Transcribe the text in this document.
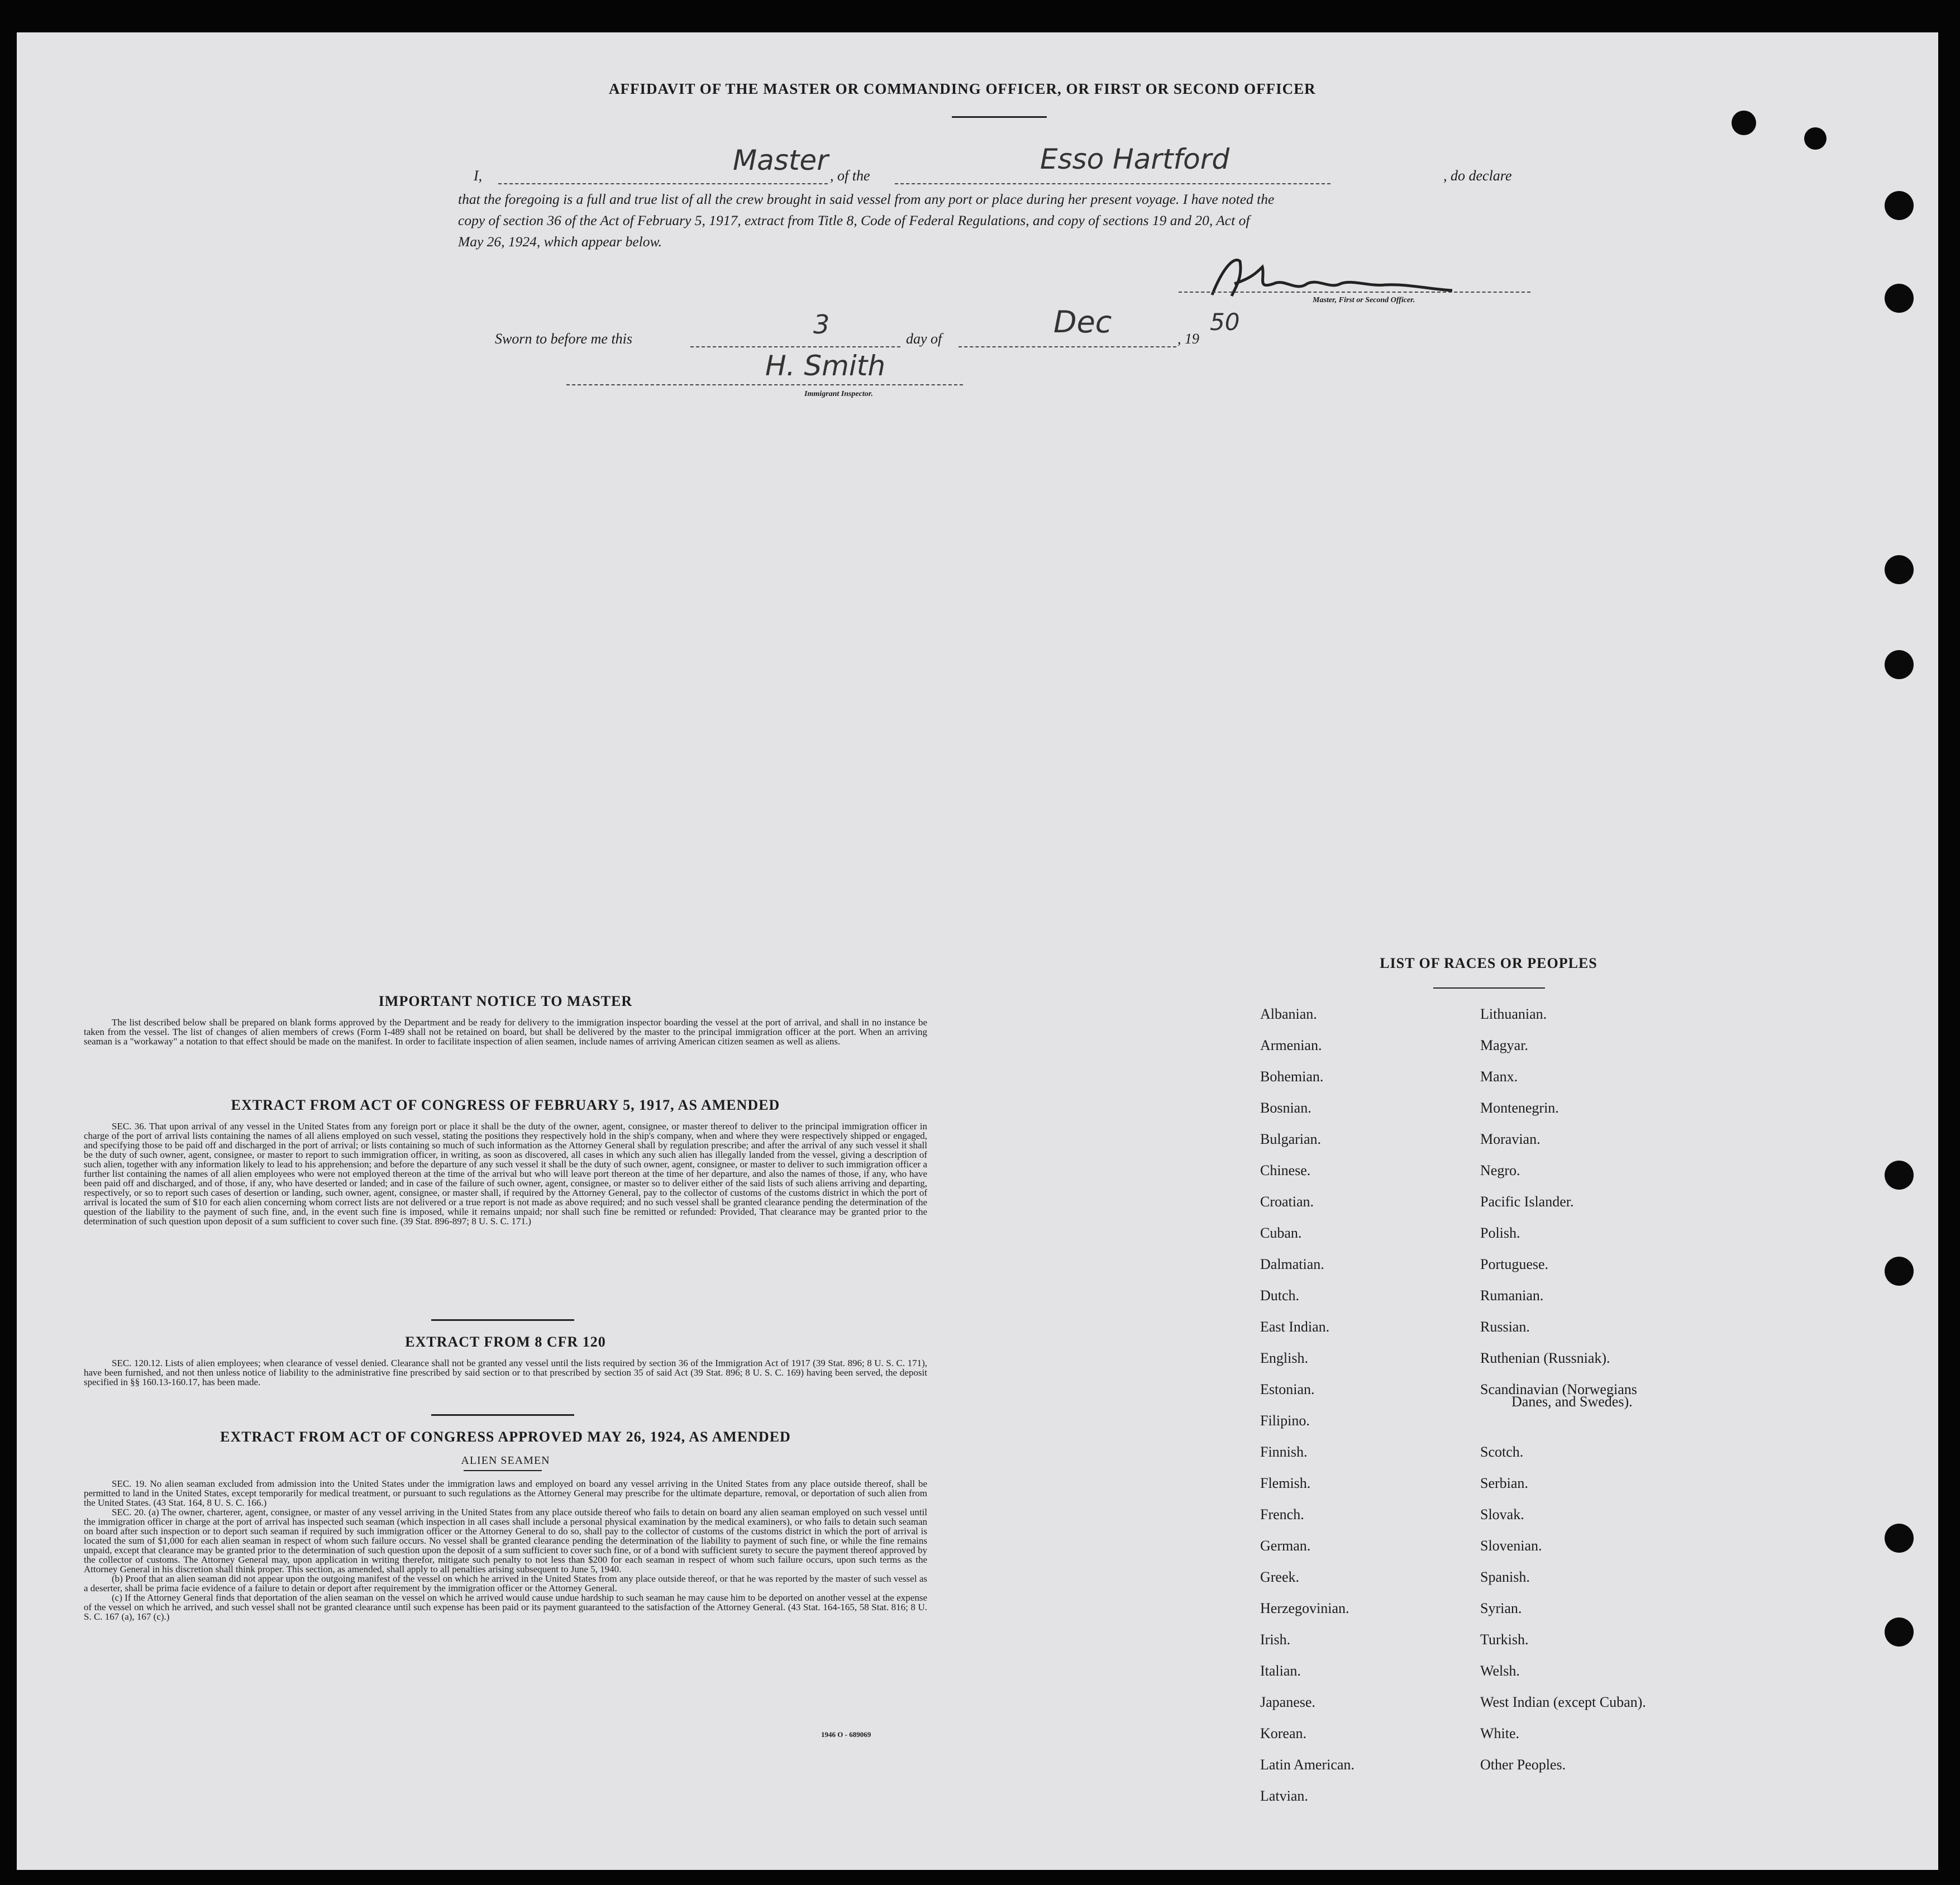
AFFIDAVIT OF THE MASTER OR COMMANDING OFFICER, OR FIRST OR SECOND OFFICER
I,	Master , of the
Esso Hartford
, do declare
that the foregoing is a full and true list of all the crew brought in said vessel from any port or place during her present voyage. I have noted the
copy of section 36 of the Act of February 5, 1917, extract from Title 8, Code of Federal Regulations, and copy of sections 19 and 20, Act of
May 26, 1924, which appear below.
Master, First or Second Officer.
Sworn to before me this	3	day of	Dec	, 19
50
H. Smith
Immigrant Inspector.
IMPORTANT NOTICE TO MASTER
The list described below shall be prepared on blank forms approved by the Department and be ready for delivery to the immigration inspector boarding the vessel at the port of arrival, and shall in no instance be taken from the vessel. The list of changes of alien members of crews (Form I-489 shall not be retained on board, but shall be delivered by the master to the principal immigration officer at the port. When an arriving seaman is a "workaway" a notation to that effect should be made on the manifest. In order to facilitate inspection of alien seamen, include names of arriving American citizen seamen as well as aliens.
EXTRACT FROM ACT OF CONGRESS OF FEBRUARY 5, 1917, AS AMENDED
SEC. 36. That upon arrival of any vessel in the United States from any foreign port or place it shall be the duty of the owner, agent, consignee, or master thereof to deliver to the principal immigration officer in charge of the port of arrival lists containing the names of all aliens employed on such vessel, stating the positions they respectively hold in the ship's company, when and where they were respectively shipped or engaged, and specifying those to be paid off and discharged in the port of arrival; or lists containing so much of such information as the Attorney General shall by regulation prescribe; and after the arrival of any such vessel it shall be the duty of such owner, agent, consignee, or master to report to such immigration officer, in writing, as soon as discovered, all cases in which any such alien has illegally landed from the vessel, giving a description of such alien, together with any information likely to lead to his apprehension; and before the departure of any such vessel it shall be the duty of such owner, agent, consignee, or master to deliver to such immigration officer a further list containing the names of all alien employees who were not employed thereon at the time of the arrival but who will leave port thereon at the time of her departure, and also the names of those, if any, who have been paid off and discharged, and of those, if any, who have deserted or landed; and in case of the failure of such owner, agent, consignee, or master so to deliver either of the said lists of such aliens arriving and departing, respectively, or so to report such cases of desertion or landing, such owner, agent, consignee, or master shall, if required by the Attorney General, pay to the collector of customs of the customs district in which the port of arrival is located the sum of $10 for each alien concerning whom correct lists are not delivered or a true report is not made as above required; and no such vessel shall be granted clearance pending the determination of the question of the liability to the payment of such fine, and, in the event such fine is imposed, while it remains unpaid; nor shall such fine be remitted or refunded: Provided, That clearance may be granted prior to the determination of such question upon deposit of a sum sufficient to cover such fine. (39 Stat. 896-897; 8 U. S. C. 171.)
EXTRACT FROM 8 CFR 120
SEC. 120.12. Lists of alien employees; when clearance of vessel denied. Clearance shall not be granted any vessel until the lists required by section 36 of the Immigration Act of 1917 (39 Stat. 896; 8 U. S. C. 171), have been furnished, and not then unless notice of liability to the administrative fine prescribed by said section or to that prescribed by section 35 of said Act (39 Stat. 896; 8 U. S. C. 169) having been served, the deposit specified in §§ 160.13-160.17, has been made.
EXTRACT FROM ACT OF CONGRESS APPROVED MAY 26, 1924, AS AMENDED
ALIEN SEAMEN
SEC. 19. No alien seaman excluded from admission into the United States under the immigration laws and employed on board any vessel arriving in the United States from any place outside thereof, shall be permitted to land in the United States, except temporarily for medical treatment, or pursuant to such regulations as the Attorney General may prescribe for the ultimate departure, removal, or deportation of such alien from the United States. (43 Stat. 164, 8 U. S. C. 166.)
SEC. 20. (a) The owner, charterer, agent, consignee, or master of any vessel arriving in the United States from any place outside thereof who fails to detain on board any alien seaman employed on such vessel until the immigration officer in charge at the port of arrival has inspected such seaman (which inspection in all cases shall include a personal physical examination by the medical examiners), or who fails to detain such seaman on board after such inspection or to deport such seaman if required by such immigration officer or the Attorney General to do so, shall pay to the collector of customs of the customs district in which the port of arrival is located the sum of $1,000 for each alien seaman in respect of whom such failure occurs. No vessel shall be granted clearance pending the determination of the liability to payment of such fine, or while the fine remains unpaid, except that clearance may be granted prior to the determination of such question upon the deposit of a sum sufficient to cover such fine, or of a bond with sufficient surety to secure the payment thereof approved by the collector of customs. The Attorney General may, upon application in writing therefor, mitigate such penalty to not less than $200 for each seaman in respect of whom such failure occurs, upon such terms as the Attorney General in his discretion shall think proper. This section, as amended, shall apply to all penalties arising subsequent to June 5, 1940.
(b) Proof that an alien seaman did not appear upon the outgoing manifest of the vessel on which he arrived in the United States from any place outside thereof, or that he was reported by the master of such vessel as a deserter, shall be prima facie evidence of a failure to detain or deport after requirement by the immigration officer or the Attorney General.
(c) If the Attorney General finds that deportation of the alien seaman on the vessel on which he arrived would cause undue hardship to such seaman he may cause him to be deported on another vessel at the expense of the vessel on which he arrived, and such vessel shall not be granted clearance until such expense has been paid or its payment guaranteed to the satisfaction of the Attorney General. (43 Stat. 164-165, 58 Stat. 816; 8 U. S. C. 167 (a), 167 (c).)
1946 O - 689069
LIST OF RACES OR PEOPLES
Danes, and Swedes).
Albanian.
Armenian.
Bohemian.
Bosnian.
Bulgarian.
Chinese.
Croatian.
Cuban.
Dalmatian.
Dutch.
East Indian.
English.
Estonian.
Filipino.
Finnish.
Flemish.
French.
German.
Greek.
Herzegovinian.
Irish.
Italian.
Japanese.
Korean.
Latin American.
Latvian.
Lithuanian.
Magyar.
Manx.
Montenegrin.
Moravian.
Negro.
Pacific Islander.
Polish.
Portuguese.
Rumanian.
Russian.
Ruthenian (Russniak).
Scandinavian (Norwegians
Scotch.
Serbian.
Slovak.
Slovenian.
Spanish.
Syrian.
Turkish.
Welsh.
West Indian (except Cuban).
White.
Other Peoples.
